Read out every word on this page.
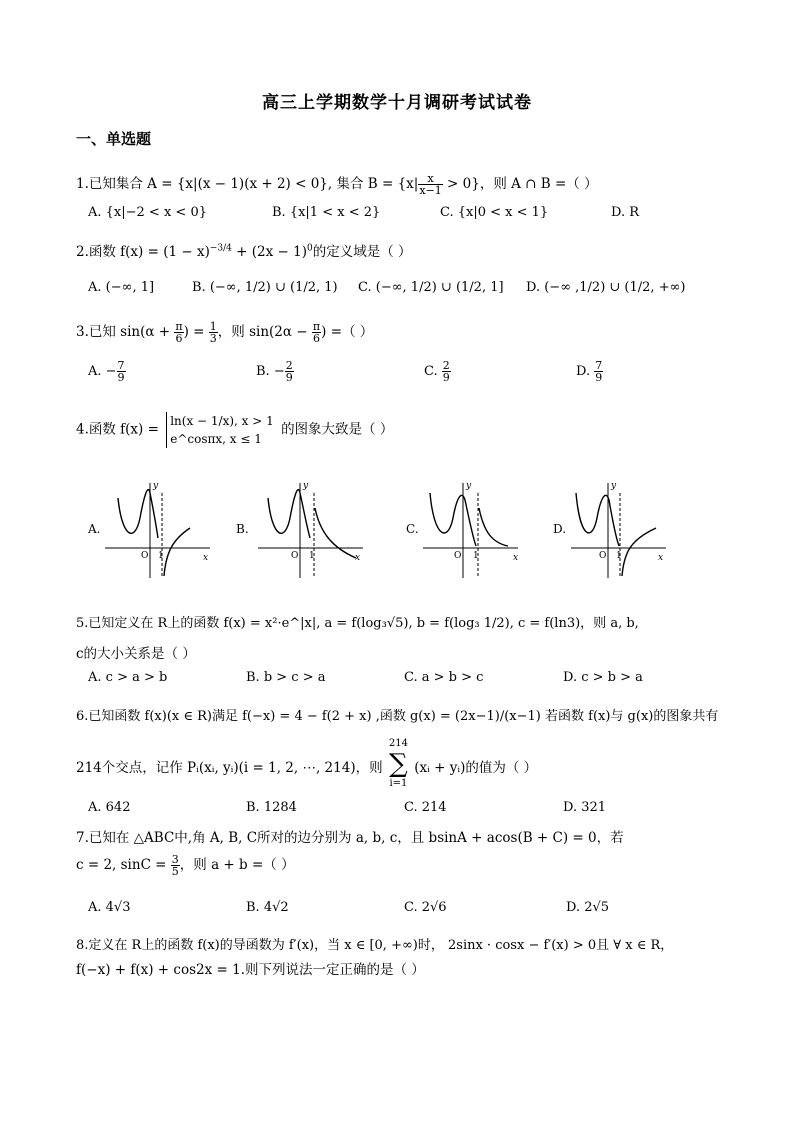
高三上学期数学十月调研考试试卷
一、单选题
1.已知集合 A = {x|(x − 1)(x + 2) < 0}, 集合 $B = \{x| \frac{x}{x-1} > 0\}$，则 A ∩ B =（ ）
A. {x|−2 < x < 0}	B. {x|1 < x < 2}	C. {x|0 < x < 1}	D. R
2.函数 $f(x) = (1 - x)^{-3/4} + (2x - 1)^0$的定义域是（ ）
A. (−∞, 1]	B. (−∞, 1/2) ∪ (1/2, 1) C. (−∞, 1/2) ∪ (1/2, 1] D. (−∞ ,1/2) ∪ (1/2, +∞)
3.已知 $\sin(\alpha + \frac{\pi}{6}$ ) = $\frac{1}{3}$ ，则 $\sin(2\alpha - \frac{\pi}{6}$ ) =（ ）
A. − $\frac{7}{9}$	B. − $\frac{2}{9}$	C. $\frac{2}{9}$	D. $\frac{7}{9}$
4.函数 f(x) =
ln(x − 1/x), x > 1
e^cosπx, x ≤ 1
的图象大致是（ ）
A.	B.	C.	D.
x
y
O 1	x
y
O 1	x
y
O 1	x
y
O 1
5.已知定义在 R上的函数 f(x) = x²·e^|x|, a = f(log₃√5), b = f(log₃ 1/2), c = f(ln3)，则 a, b,
c的大小关系是（ ）
A. c > a > b	B. b > c > a	C. a > b > c	D. c > b > a
6.已知函数 f(x)(x ∈ R)满足 f(−x) = 4 − f(2 + x) ,函数 g(x) = (2x−1)/(x−1) 若函数 f(x)与 g(x)的图象共有
214个交点，记作 Pᵢ(xᵢ, yᵢ)(i = 1, 2, ⋯, 214)，则
214
∑
i=1
(xᵢ + yᵢ)的值为（ ）
A. 642	B. 1284	C. 214	D. 321
7.已知在 △ABC中,角 A, B, C所对的边分别为 a, b, c，且 bsinA + acos(B + C) = 0，若
c = 2, $\sin C = \frac{3}{5}$ ，则 a + b =（ ）
A. 4√3	B. 4√2	C. 2√6	D. 2√5
8.定义在 R上的函数 f(x)的导函数为 f′(x)，当 x ∈ [0, +∞)时， 2sinx · cosx − f′(x) > 0且 ∀ x ∈ R，
f(−x) + f(x) + cos2x = 1.则下列说法一定正确的是（ ）
